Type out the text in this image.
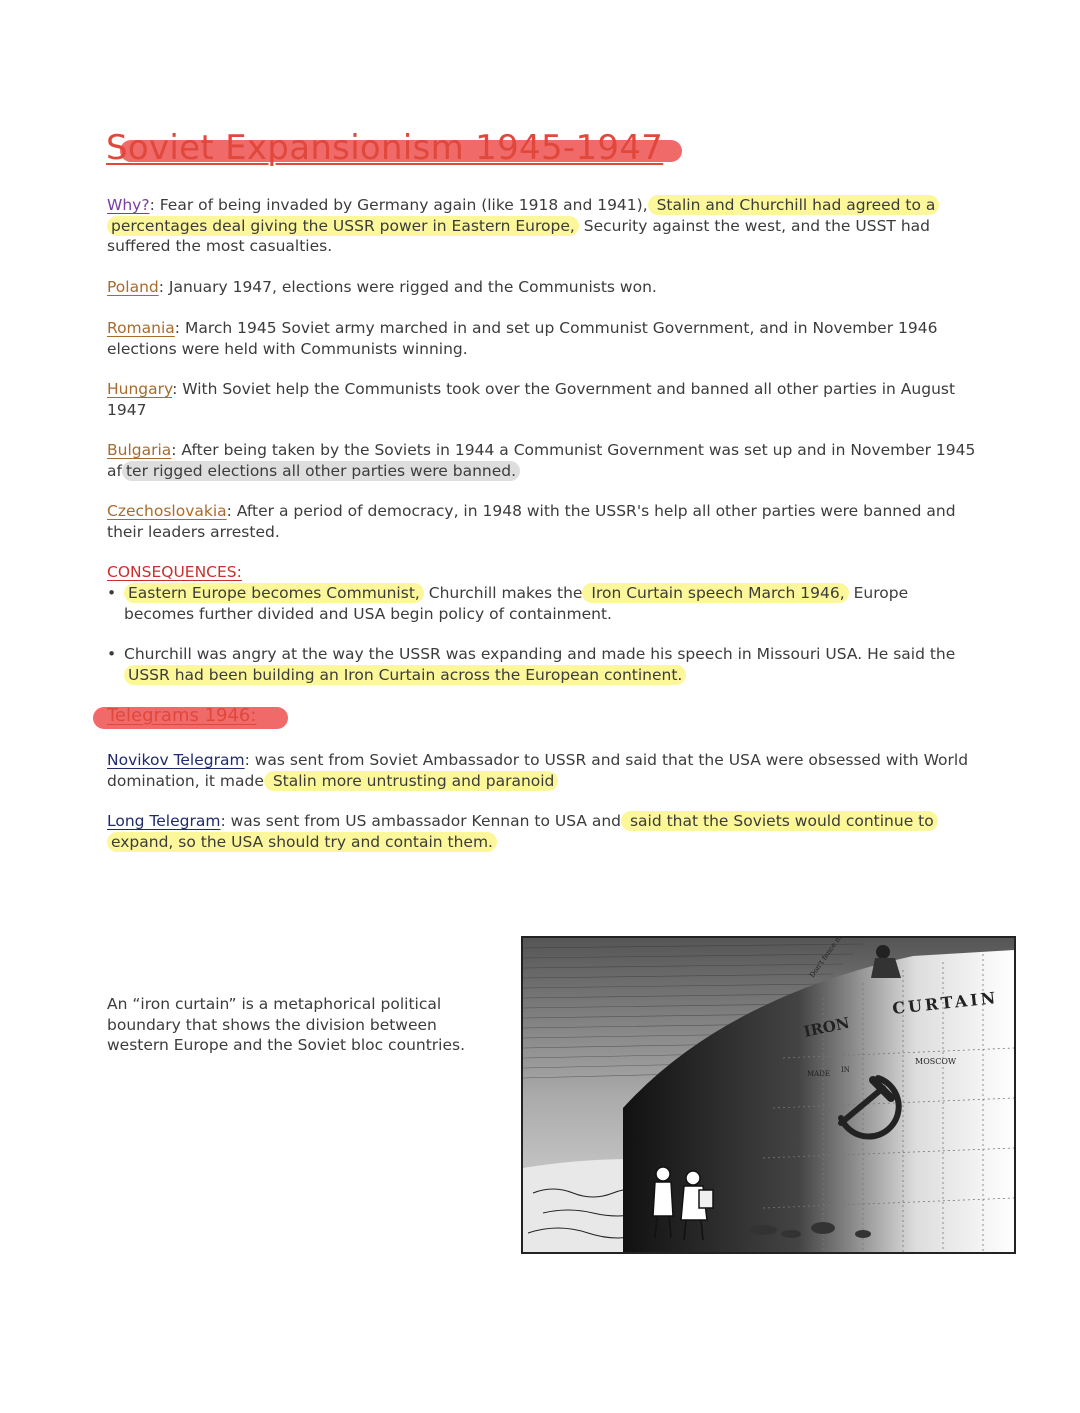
Soviet Expansionism 1945-1947

Why?: Fear of being invaded by Germany again (like 1918 and 1941), Stalin and Churchill had agreed to a percentages deal giving the USSR power in Eastern Europe, Security against the west, and the USST had suffered the most casualties.

Poland: January 1947, elections were rigged and the Communists won.

Romania: March 1945 Soviet army marched in and set up Communist Government, and in November 1946 elections were held with Communists winning.

Hungary: With Soviet help the Communists took over the Government and banned all other parties in August 1947

Bulgaria: After being taken by the Soviets in 1944 a Communist Government was set up and in November 1945 af ter rigged elections all other parties were banned.

Czechoslovakia: After a period of democracy, in 1948 with the USSR's help all other parties were banned and their leaders arrested.

CONSEQUENCES:

• Eastern Europe becomes Communist, Churchill makes the Iron Curtain speech March 1946, Europe becomes further divided and USA begin policy of containment.
• Churchill was angry at the way the USSR was expanding and made his speech in Missouri USA. He said the USSR had been building an Iron Curtain across the European continent.
Telegrams 1946:

Novikov Telegram: was sent from Soviet Ambassador to USSR and said that the USA were obsessed with World domination, it made Stalin more untrusting and paranoid

Long Telegram: was sent from US ambassador Kennan to USA and said that the Soviets would continue to expand, so the USA should try and contain them.

An “iron curtain” is a metaphorical political boundary that shows the division between western Europe and the Soviet bloc countries.

IRON
CURTAIN
MADE IN
MOSCOW
